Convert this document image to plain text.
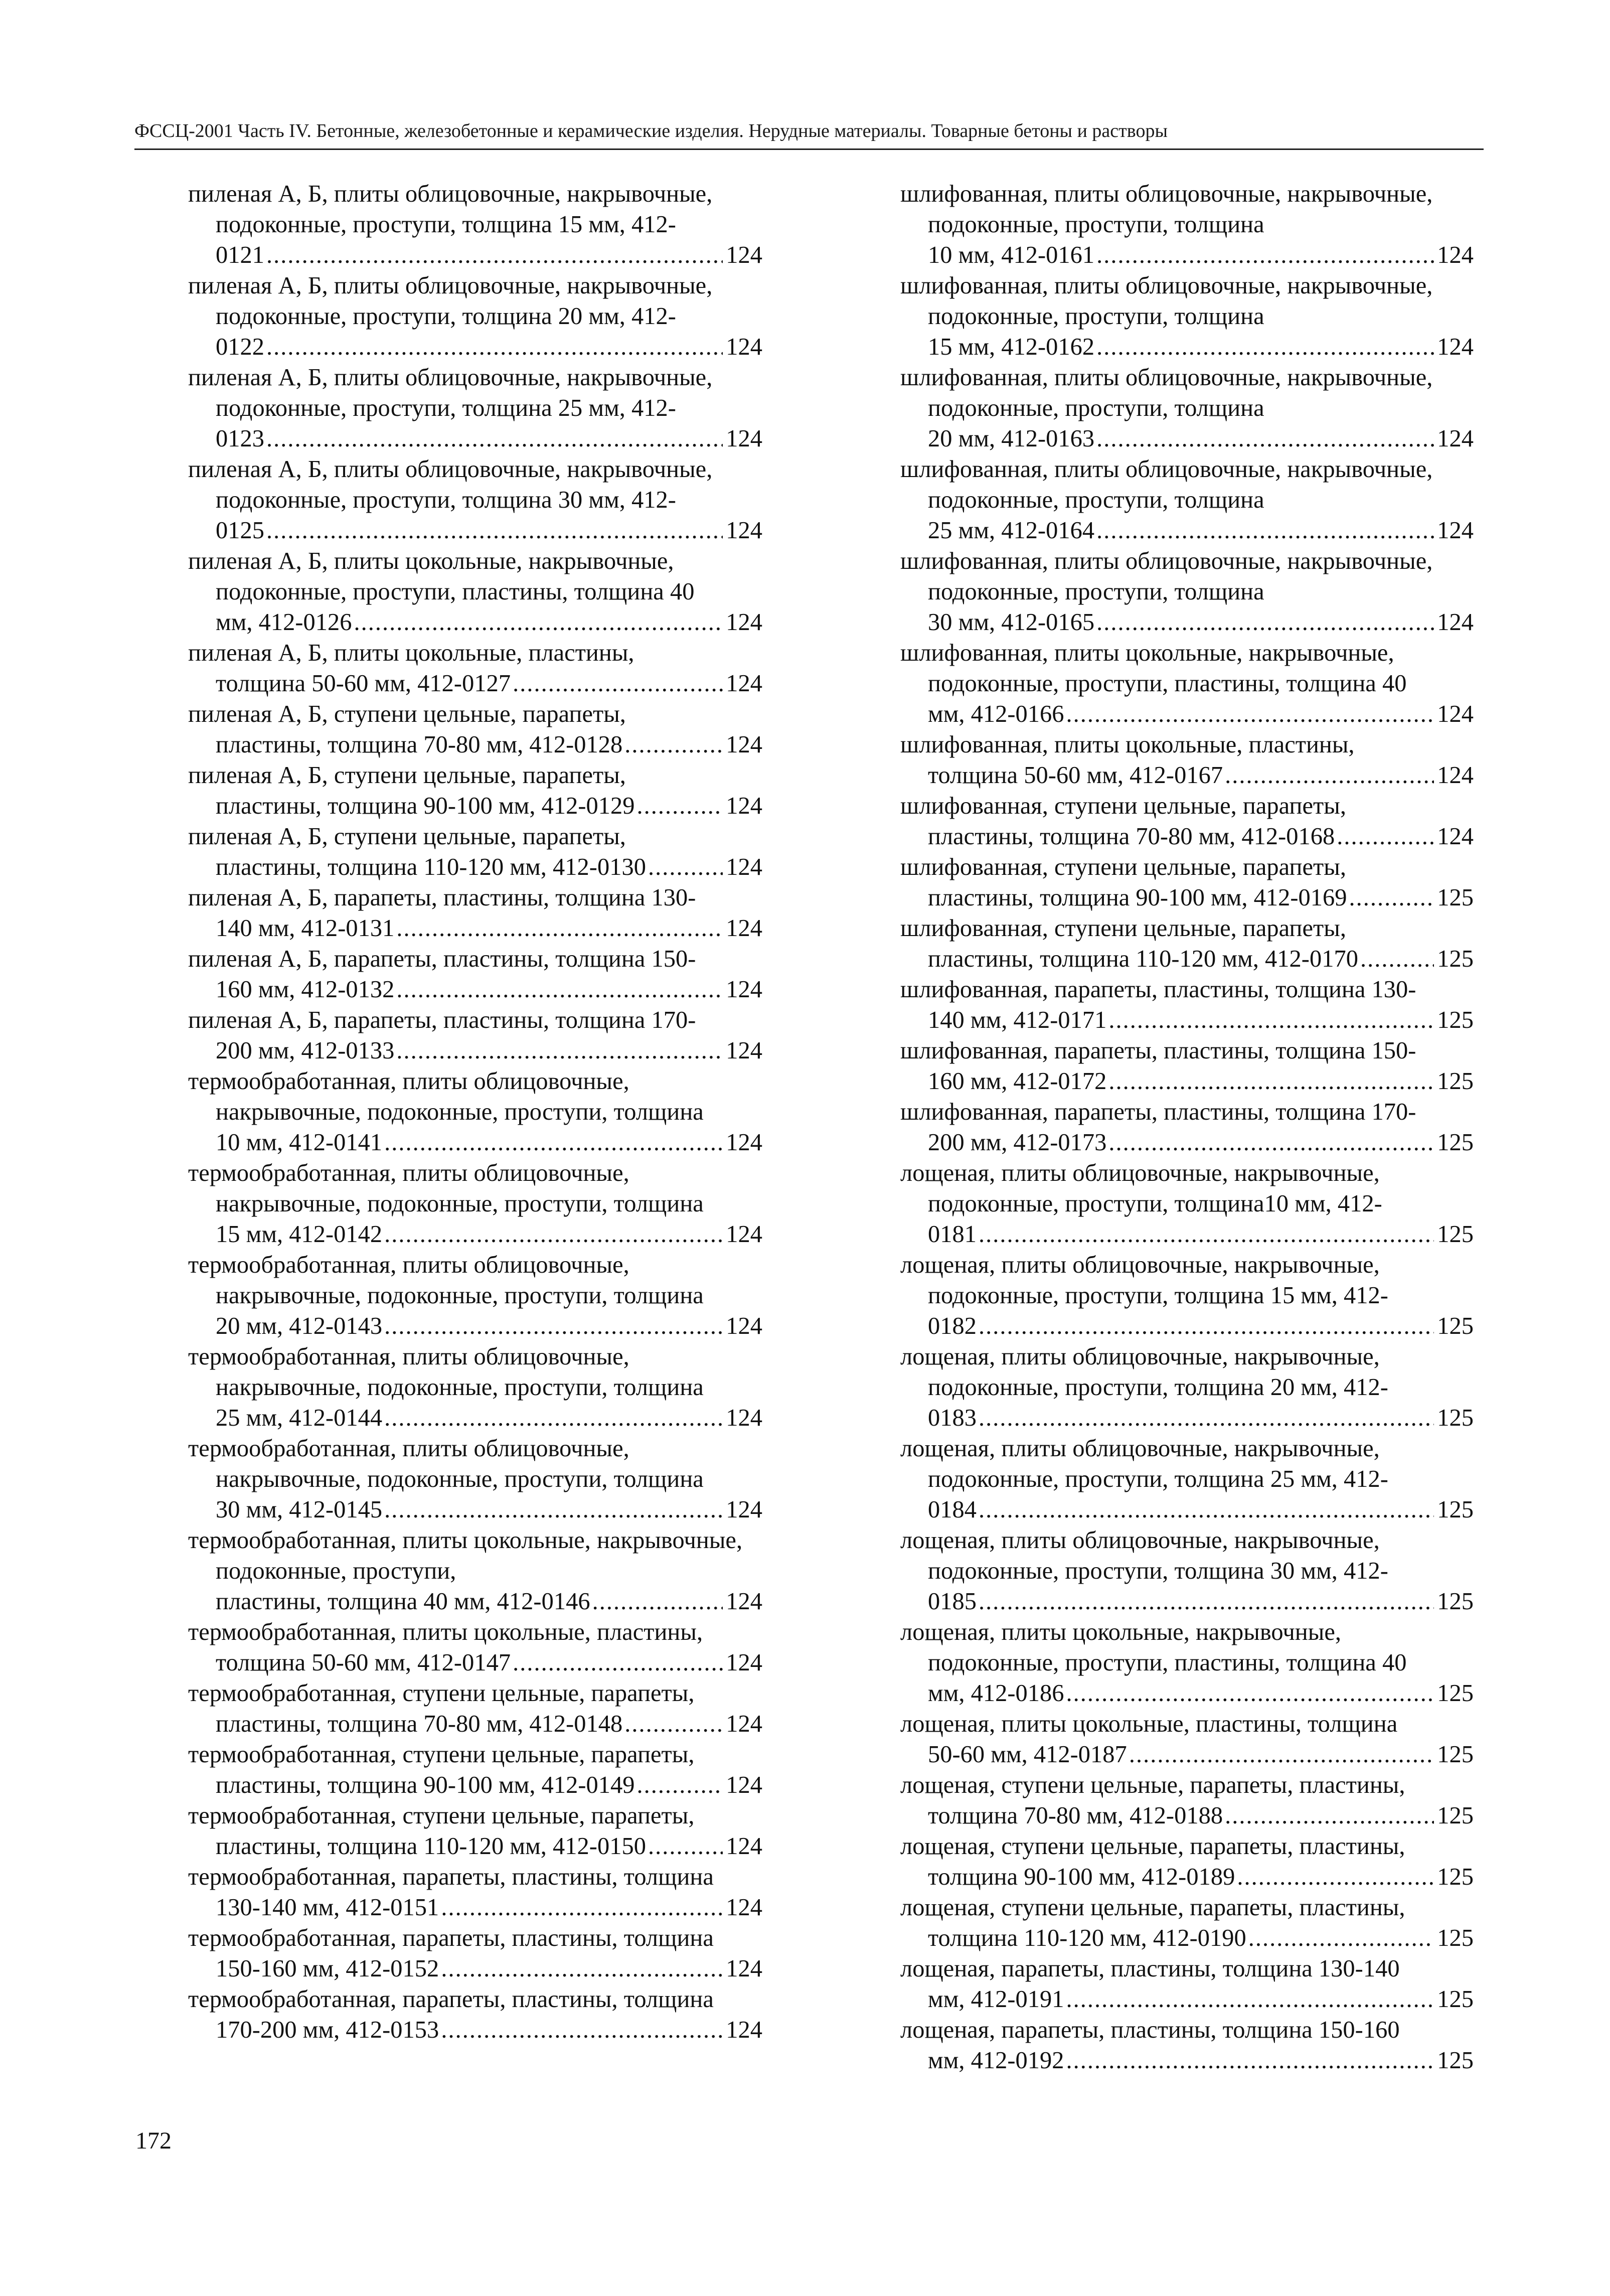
ФССЦ-2001 Часть IV. Бетонные, железобетонные и керамические изделия. Нерудные материалы. Товарные бетоны и растворы
пиленая А, Б, плиты облицовочные, накрывочные, подоконные, проступи, толщина 15 мм, 412-
0121 .....	124
пиленая А, Б, плиты облицовочные, накрывочные, подоконные, проступи, толщина 20 мм, 412-
0122 .....	124
пиленая А, Б, плиты облицовочные, накрывочные, подоконные, проступи, толщина 25 мм, 412-
0123 .....	124
пиленая А, Б, плиты облицовочные, накрывочные, подоконные, проступи, толщина 30 мм, 412-
0125 .....	124
пиленая А, Б, плиты цокольные, накрывочные, подоконные, проступи, пластины, толщина 40
мм, 412-0126 .....	124
пиленая А, Б, плиты цокольные, пластины,
толщина 50-60 мм, 412-0127 .....	124
пиленая А, Б, ступени цельные, парапеты,
пластины, толщина 70-80 мм, 412-0128 .....	124
пиленая А, Б, ступени цельные, парапеты,
пластины, толщина 90-100 мм, 412-0129 .....	124
пиленая А, Б, ступени цельные, парапеты,
пластины, толщина 110-120 мм, 412-0130 .....	124
пиленая А, Б, парапеты, пластины, толщина 130-
140 мм, 412-0131 .....	124
пиленая А, Б, парапеты, пластины, толщина 150-
160 мм, 412-0132 .....	124
пиленая А, Б, парапеты, пластины, толщина 170-
200 мм, 412-0133 .....	124
термообработанная, плиты облицовочные, накрывочные, подоконные, проступи, толщина
10 мм, 412-0141 .....	124
термообработанная, плиты облицовочные, накрывочные, подоконные, проступи, толщина
15 мм, 412-0142 .....	124
термообработанная, плиты облицовочные, накрывочные, подоконные, проступи, толщина
20 мм, 412-0143 .....	124
термообработанная, плиты облицовочные, накрывочные, подоконные, проступи, толщина
25 мм, 412-0144 .....	124
термообработанная, плиты облицовочные, накрывочные, подоконные, проступи, толщина
30 мм, 412-0145 .....	124
термообработанная, плиты цокольные, накрывочные, подоконные, проступи,
пластины, толщина 40 мм, 412-0146 .....	124
термообработанная, плиты цокольные, пластины,
толщина 50-60 мм, 412-0147 .....	124
термообработанная, ступени цельные, парапеты,
пластины, толщина 70-80 мм, 412-0148 .....	124
термообработанная, ступени цельные, парапеты,
пластины, толщина 90-100 мм, 412-0149 .....	124
термообработанная, ступени цельные, парапеты,
пластины, толщина 110-120 мм, 412-0150 .....	124
термообработанная, парапеты, пластины, толщина
130-140 мм, 412-0151 .....	124
термообработанная, парапеты, пластины, толщина
150-160 мм, 412-0152 .....	124
термообработанная, парапеты, пластины, толщина
170-200 мм, 412-0153 .....	124
шлифованная, плиты облицовочные, накрывочные, подоконные, проступи, толщина
10 мм, 412-0161 .....	124
шлифованная, плиты облицовочные, накрывочные, подоконные, проступи, толщина
15 мм, 412-0162 .....	124
шлифованная, плиты облицовочные, накрывочные, подоконные, проступи, толщина
20 мм, 412-0163 .....	124
шлифованная, плиты облицовочные, накрывочные, подоконные, проступи, толщина
25 мм, 412-0164 .....	124
шлифованная, плиты облицовочные, накрывочные, подоконные, проступи, толщина
30 мм, 412-0165 .....	124
шлифованная, плиты цокольные, накрывочные, подоконные, проступи, пластины, толщина 40
мм, 412-0166 .....	124
шлифованная, плиты цокольные, пластины,
толщина 50-60 мм, 412-0167 .....	124
шлифованная, ступени цельные, парапеты,
пластины, толщина 70-80 мм, 412-0168 .....	124
шлифованная, ступени цельные, парапеты,
пластины, толщина 90-100 мм, 412-0169 .....	125
шлифованная, ступени цельные, парапеты,
пластины, толщина 110-120 мм, 412-0170 .....	125
шлифованная, парапеты, пластины, толщина 130-
140 мм, 412-0171 .....	125
шлифованная, парапеты, пластины, толщина 150-
160 мм, 412-0172 .....	125
шлифованная, парапеты, пластины, толщина 170-
200 мм, 412-0173 .....	125
лощеная, плиты облицовочные, накрывочные, подоконные, проступи, толщина10 мм, 412-
0181 .....	125
лощеная, плиты облицовочные, накрывочные, подоконные, проступи, толщина 15 мм, 412-
0182 .....	125
лощеная, плиты облицовочные, накрывочные, подоконные, проступи, толщина 20 мм, 412-
0183 .....	125
лощеная, плиты облицовочные, накрывочные, подоконные, проступи, толщина 25 мм, 412-
0184 .....	125
лощеная, плиты облицовочные, накрывочные, подоконные, проступи, толщина 30 мм, 412-
0185 .....	125
лощеная, плиты цокольные, накрывочные, подоконные, проступи, пластины, толщина 40
мм, 412-0186 .....	125
лощеная, плиты цокольные, пластины, толщина
50-60 мм, 412-0187 .....	125
лощеная, ступени цельные, парапеты, пластины,
толщина 70-80 мм, 412-0188 .....	125
лощеная, ступени цельные, парапеты, пластины,
толщина 90-100 мм, 412-0189 .....	125
лощеная, ступени цельные, парапеты, пластины,
толщина 110-120 мм, 412-0190 .....	125
лощеная, парапеты, пластины, толщина 130-140
мм, 412-0191 .....	125
лощеная, парапеты, пластины, толщина 150-160
мм, 412-0192 .....	125
172
